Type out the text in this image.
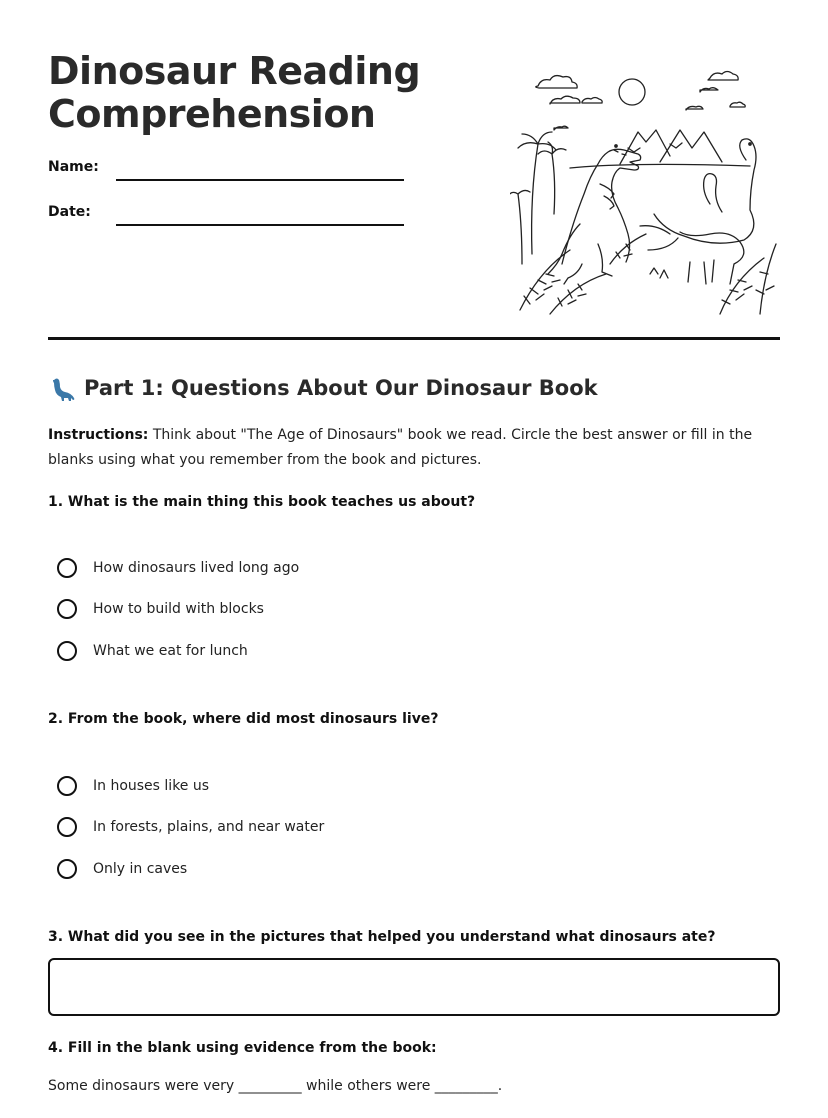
Dinosaur Reading
Comprehension
Name:
Date:
Part 1: Questions About Our Dinosaur Book
Instructions: Think about "The Age of Dinosaurs" book we read. Circle the best answer or fill in the blanks using what you remember from the book and pictures.
1. What is the main thing this book teaches us about?
How dinosaurs lived long ago
How to build with blocks
What we eat for lunch
2. From the book, where did most dinosaurs live?
In houses like us
In forests, plains, and near water
Only in caves
3. What did you see in the pictures that helped you understand what dinosaurs ate?
4. Fill in the blank using evidence from the book:
Some dinosaurs were very _________ while others were _________.
